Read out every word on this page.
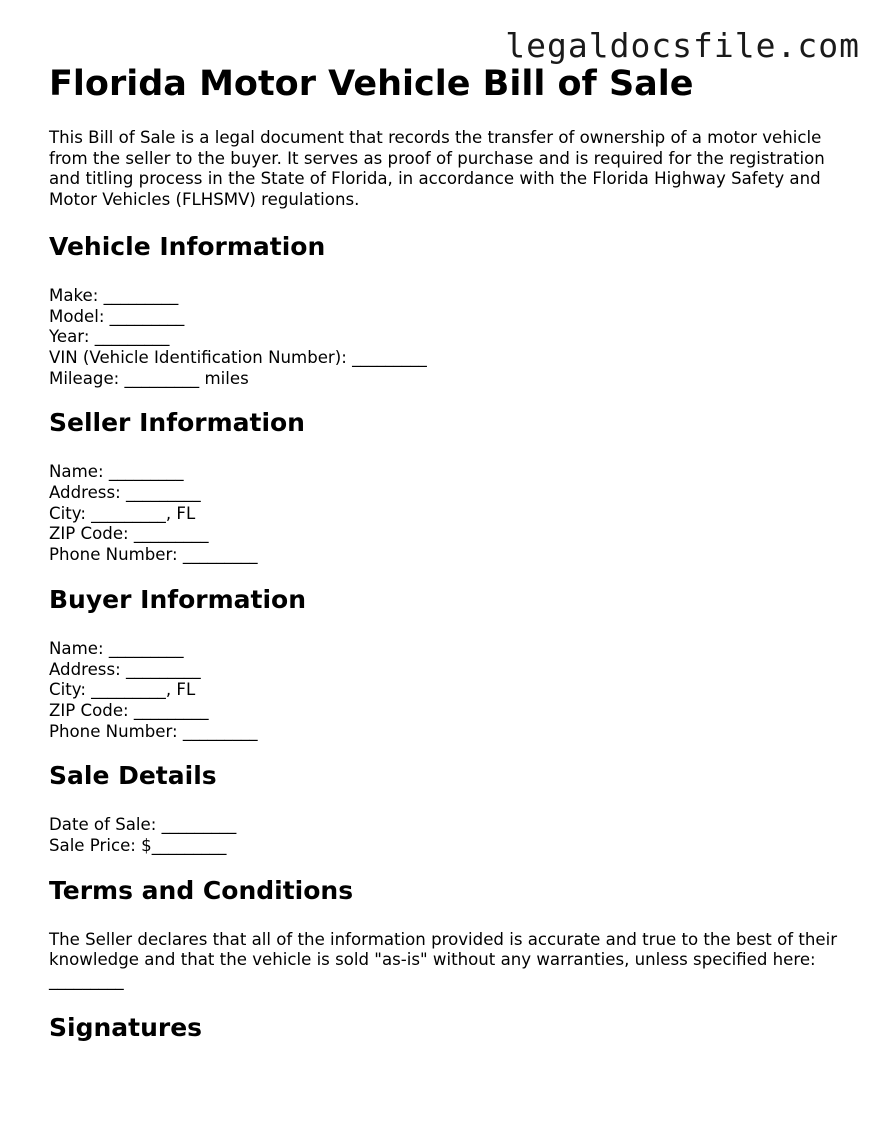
legaldocsfile.com
Florida Motor Vehicle Bill of Sale

This Bill of Sale is a legal document that records the transfer of ownership of a motor vehicle from the seller to the buyer. It serves as proof of purchase and is required for the registration and titling process in the State of Florida, in accordance with the Florida Highway Safety and Motor Vehicles (FLHSMV) regulations.

Vehicle Information
Make: _________
Model: _________
Year: _________
VIN (Vehicle Identification Number): _________
Mileage: _________ miles
Seller Information
Name: _________
Address: _________
City: _________, FL
ZIP Code: _________
Phone Number: _________
Buyer Information
Name: _________
Address: _________
City: _________, FL
ZIP Code: _________
Phone Number: _________
Sale Details
Date of Sale: _________
Sale Price: $_________
Terms and Conditions

The Seller declares that all of the information provided is accurate and true to the best of their knowledge and that the vehicle is sold "as-is" without any warranties, unless specified here: _________

Signatures
